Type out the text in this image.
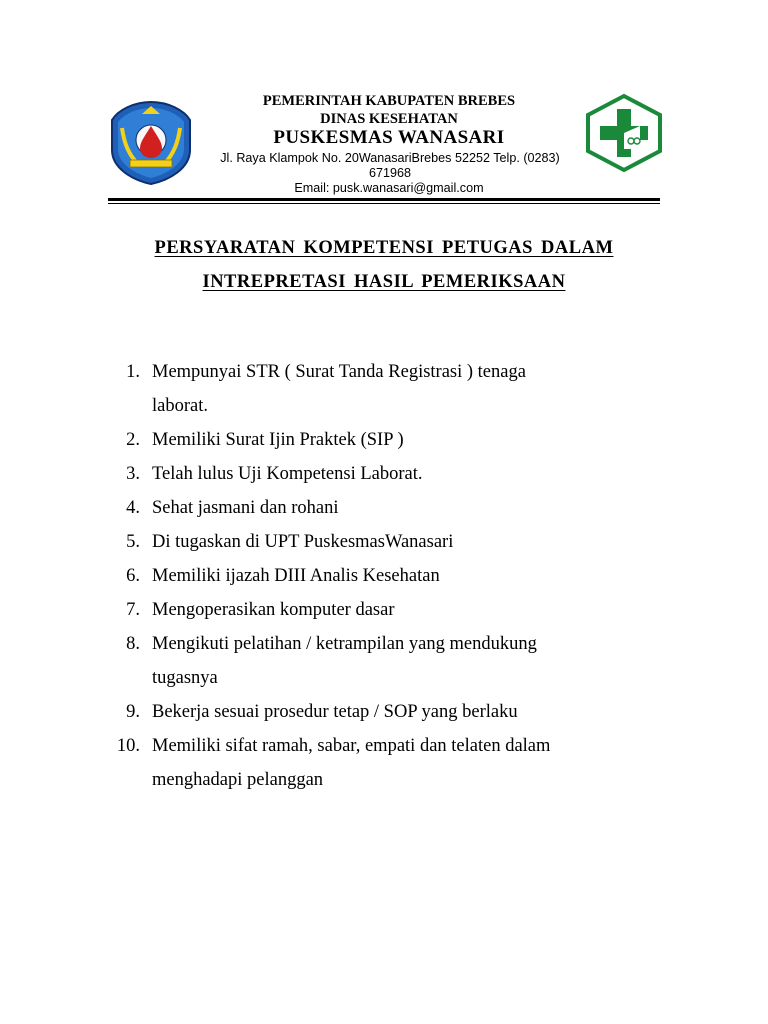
PEMERINTAH KABUPATEN BREBES
DINAS KESEHATAN
PUSKESMAS WANASARI
Jl. Raya Klampok No. 20WanasariBrebes 52252 Telp. (0283) 671968
Email: pusk.wanasari@gmail.com
PERSYARATAN KOMPETENSI PETUGAS DALAM
INTREPRETASI HASIL PEMERIKSAAN
1. Mempunyai STR ( Surat Tanda Registrasi ) tenaga
laborat.
2. Memiliki Surat Ijin Praktek (SIP )
3. Telah lulus Uji Kompetensi Laborat.
4. Sehat jasmani dan rohani
5. Di tugaskan di UPT PuskesmasWanasari
6. Memiliki ijazah DIII Analis Kesehatan
7. Mengoperasikan komputer dasar
8. Mengikuti pelatihan / ketrampilan yang mendukung
tugasnya
9. Bekerja sesuai prosedur tetap / SOP yang berlaku
10. Memiliki sifat ramah, sabar, empati dan telaten dalam
menghadapi pelanggan
